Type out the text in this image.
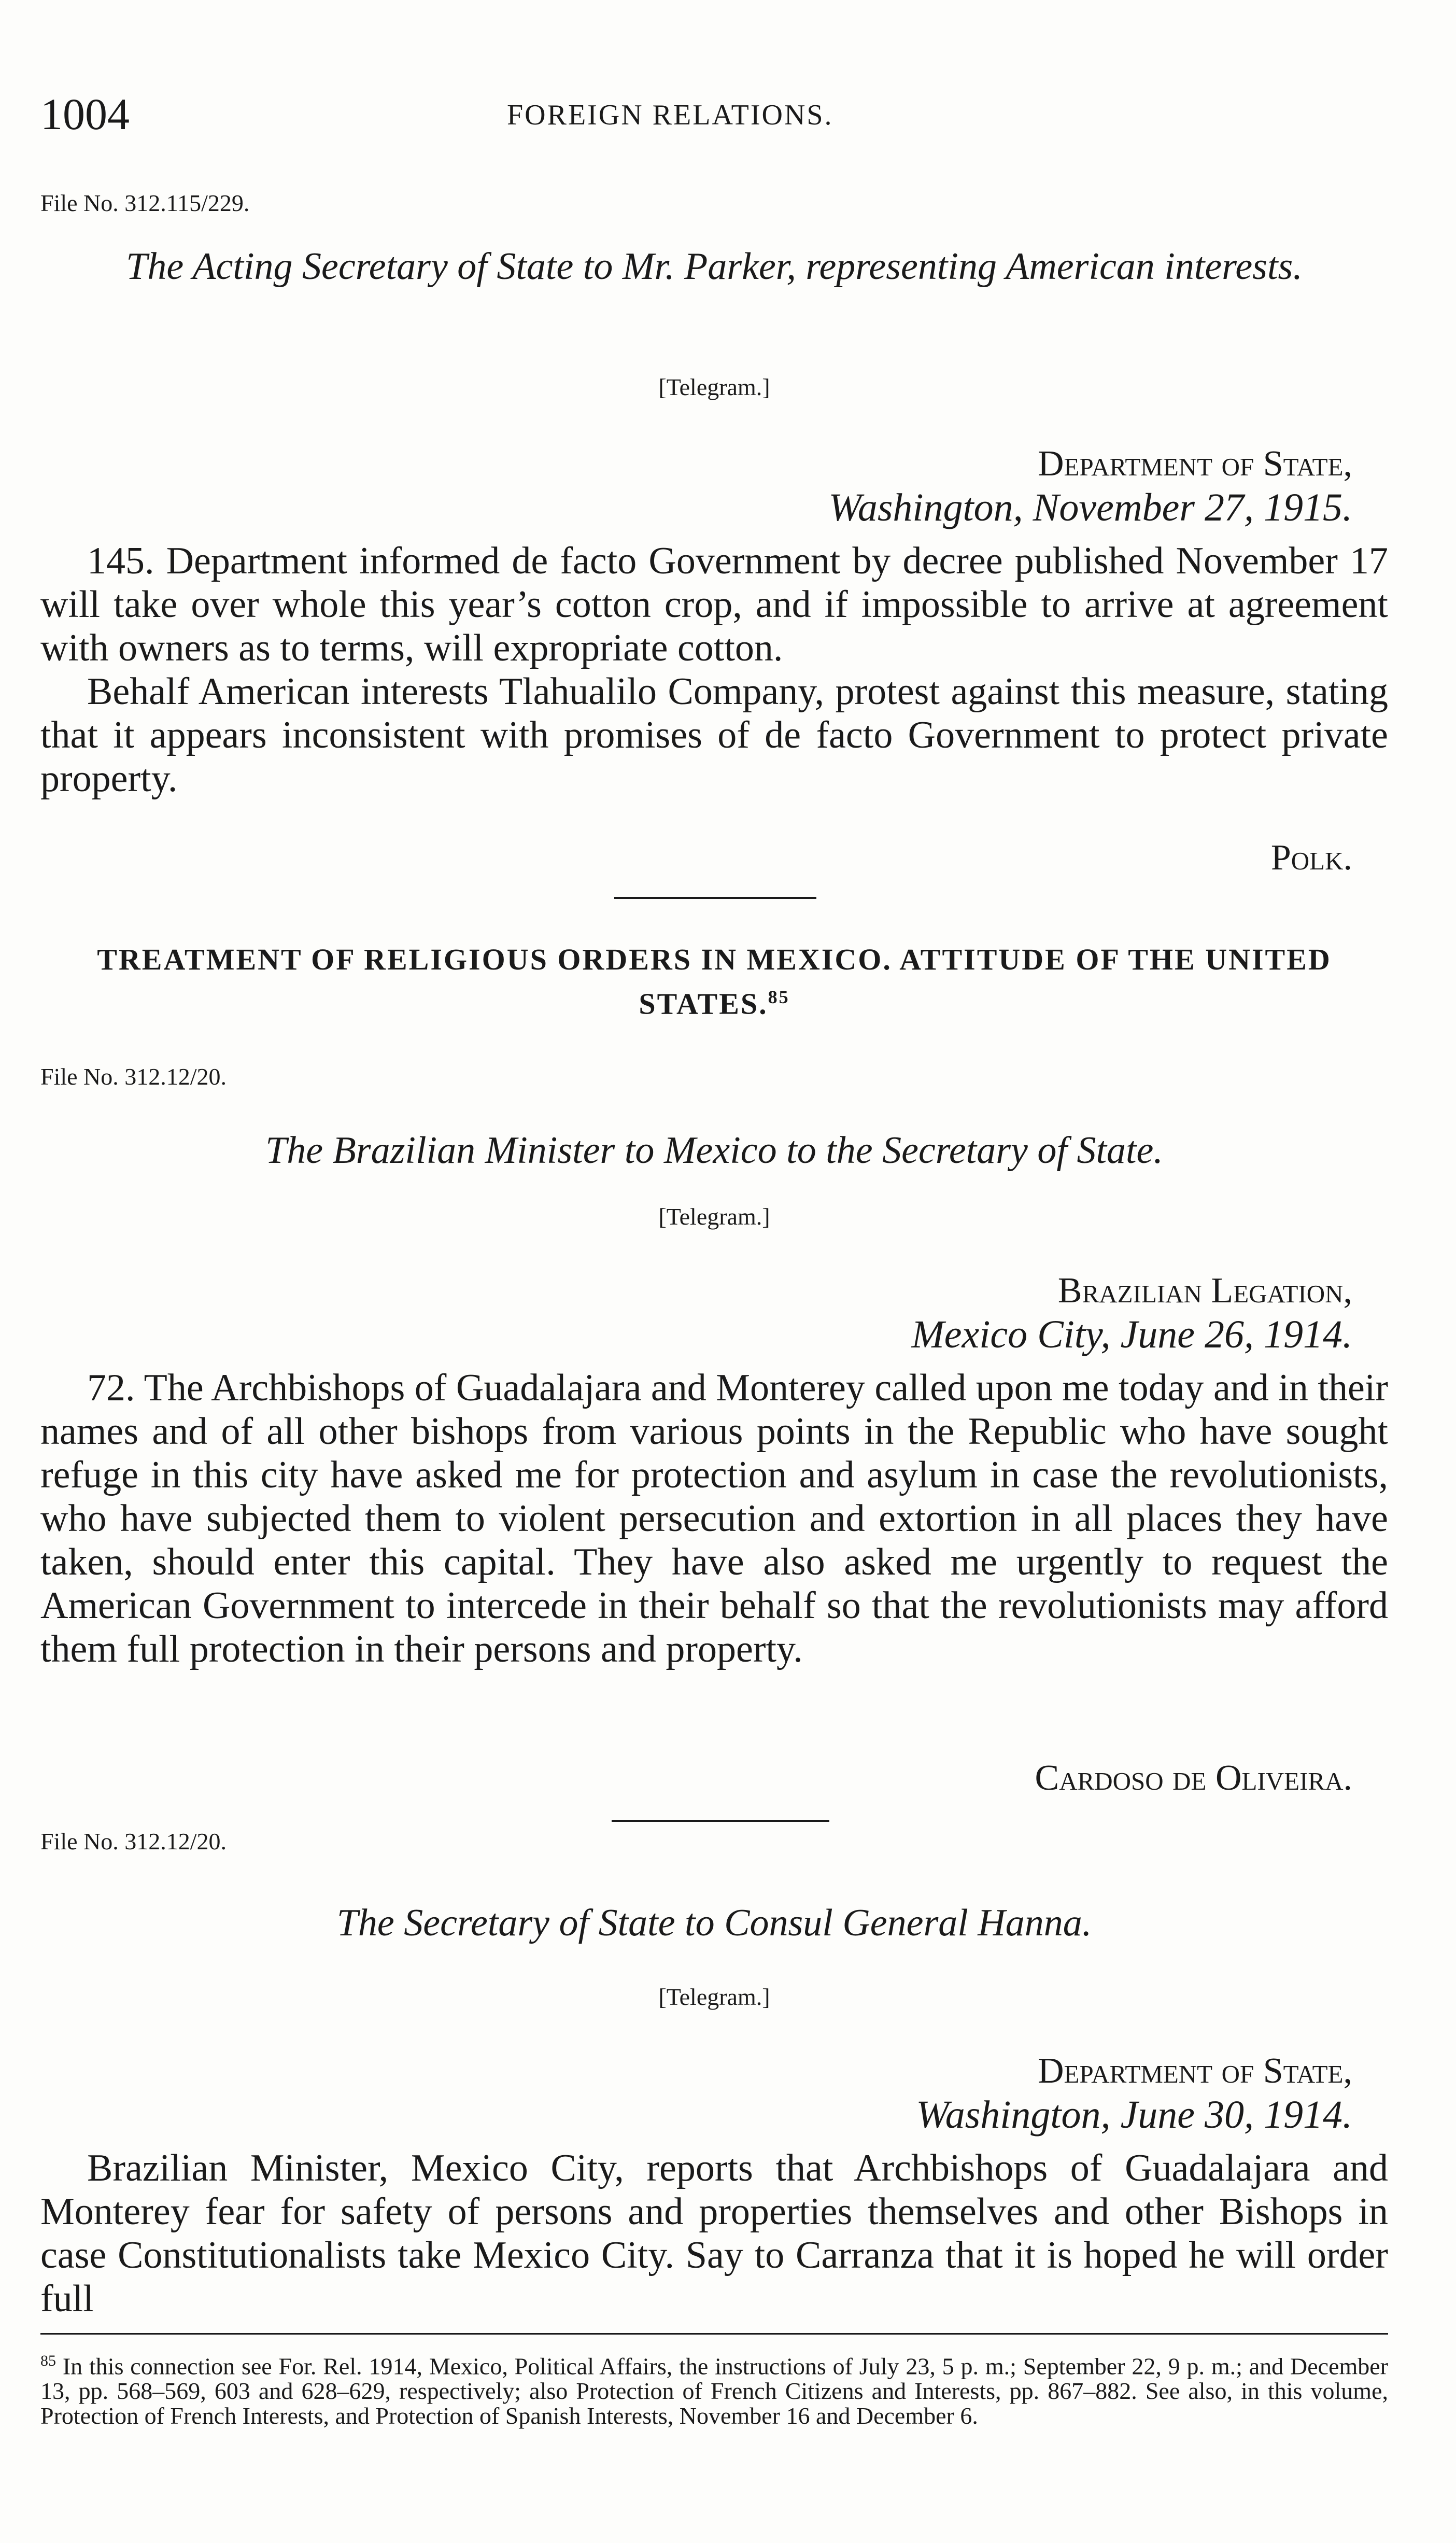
1004	FOREIGN RELATIONS.
File No. 312.115/229.
The Acting Secretary of State to Mr. Parker, representing American interests.
[Telegram.]
Department of State,
Washington, November 27, 1915.

145. Department informed de facto Government by decree published November 17 will take over whole this year’s cotton crop, and if impossible to arrive at agreement with owners as to terms, will expropriate cotton.

Behalf American interests Tlahualilo Company, protest against this measure, stating that it appears inconsistent with promises of de facto Government to protect private property.

Polk.
TREATMENT OF RELIGIOUS ORDERS IN MEXICO. ATTITUDE OF THE UNITED STATES.$^{85}$
File No. 312.12/20.
The Brazilian Minister to Mexico to the Secretary of State.
[Telegram.]
Brazilian Legation,
Mexico City, June 26, 1914.

72. The Archbishops of Guadalajara and Monterey called upon me today and in their names and of all other bishops from various points in the Republic who have sought refuge in this city have asked me for protection and asylum in case the revolutionists, who have subjected them to violent persecution and extortion in all places they have taken, should enter this capital. They have also asked me urgently to request the American Government to intercede in their behalf so that the revolutionists may afford them full protection in their persons and property.

Cardoso de Oliveira.
File No. 312.12/20.
The Secretary of State to Consul General Hanna.
[Telegram.]
Department of State,
Washington, June 30, 1914.

Brazilian Minister, Mexico City, reports that Archbishops of Guadalajara and Monterey fear for safety of persons and properties themselves and other Bishops in case Constitutionalists take Mexico City. Say to Carranza that it is hoped he will order full

$^{85}$ In this connection see For. Rel. 1914, Mexico, Political Affairs, the instructions of July 23, 5 p. m.; September 22, 9 p. m.; and December 13, pp. 568–569, 603 and 628–629, respectively; also Protection of French Citizens and Interests, pp. 867–882. See also, in this volume, Protection of French Interests, and Protection of Spanish Interests, November 16 and December 6.
